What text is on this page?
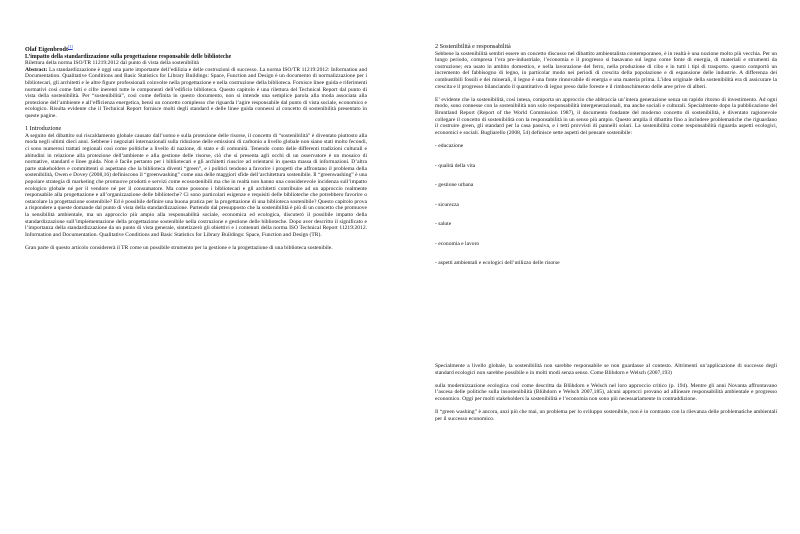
Olaf Eigenbrodt[1]

L’impatto della standardizzazione sulla progettazione responsabile delle biblioteche

Rilettura della norma ISO/TR 11219:2012 dal punto di vista della sostenibilità

Abstract: La standardizzazione è oggi una parte importante dell’edilizia e delle costruzioni di successo. La norma ISO/TR 11219:2012: Information and Documentation. Qualitative Conditions and Basic Statistics for Library Buildings: Space, Function and Design è un documento di normalizzazione per i bibliotecari, gli architetti e le altre figure professionali coinvolte nella progettazione e nella costruzione della biblioteca. Fornisce linee guida e riferimenti normativi così come fatti e cifre inerenti tutte le componenti dell’edificio biblioteca. Questo capitolo è una rilettura del Technical Report dal punto di vista della sostenibilità. Per “sostenibilità”, così come definita in questo documento, non si intende una semplice parola alla moda associata alla protezione dell’ambiente e all’efficienza energetica, bensì un concetto complesso che riguarda l’agire responsabile dal punto di vista sociale, economico e ecologico. Risulta evidente che il Technical Report fornisce molti degli standard e delle linee guida connessi al concetto di sostenibilità presentato in queste pagine.

1 Introduzione

A seguito del dibattito sul riscaldamento globale causato dall’uomo e sulla protezione delle risorse, il concetto di “sostenibilità” è diventato piuttosto alla moda negli ultimi dieci anni. Sebbene i negoziati internazionali sulla riduzione delle emissioni di carbonio a livello globale non siano stati molto fecondi, ci sono numerosi trattati regionali così come politiche a livello di nazione, di stato e di comunità. Tenendo conto delle differenti tradizioni culturali e abitudini in relazione alla protezione dell’ambiente e alla gestione delle risorse, ciò che si presenta agli occhi di un osservatore è un mosaico di normative, standard e linee guida. Non è facile pertanto per i bibliotecari e gli architetti riuscire ad orientarsi in questa massa di informazioni. D’altra parte stakeholders e committenti si aspettano che la biblioteca diventi “green”, e i politici tendono a favorire i progetti che affrontano il problema della sostenibilità, Owen e Dovey (2008,16) definiscono il “greenwashing” come una delle maggiori sfide dell’architettura sostenibile. Il “greenwashing” è una popolare strategia di marketing che promuove prodotti e servizi come ecosostenibili ma che in realtà non hanno una considerevole incidenza sull’impatto ecologico globale né per il vendore né per il consumatore. Ma come possono i bibliotecari e gli architetti contribuire ad un approccio realmente responsabile alla progettazione e all’organizzazione delle biblioteche? Ci sono particolari esigenze e requisiti delle biblioteche che potrebbero favorire o ostacolare la progettazione sostenibile? Ed è possibile definire una buona pratica per la progettazione di una biblioteca sostenibile? Questo capitolo prova a rispondere a queste domande dal punto di vista della standardizzazione. Partendo dal presupposto che la sostenibilità è più di un concetto che promuove la sensibilità ambientale, ma un approccio più ampio alla responsabilità sociale, economica ed ecologica, discuterò il possibile impatto della standardizzazione sull’implementazione della progettazione sostenibile nella costruzione e gestione delle biblioteche. Dopo aver descritto il significato e l’importanza della standardizzazione da un punto di vista generale, sintetizzerò gli obiettivi e i contenuti della norma ISO Technical Report 11219:2012. Information and Documentation. Qualitative Conditions and Basic Statistics for Library Buildings: Space, Function and Design (TR).

Gran parte di questo articolo considererà il TR come un possibile strumento per la gestione e la progettazione di una biblioteca sostenibile.

2 Sostenibilità e responsabilità

Sebbene la sostenibilità sembri essere un concetto discusso nel dibattito ambientalista contemporaneo, è in realtà è una nozione molto più vecchia. Per un lungo periodo, compresa l’era pre-industriale, l’economia e il progresso si basavano sul legno come fonte di energia, di materiali e strumenti da costruzione; era usato in ambito domestico, e nella lavorazione del ferro, nella produzione di cibo e in tutti i tipi di trasporto. questo comportò un incremento del fabbisogno di legno, in particolar modo nei periodi di crescita della popolazione e di espansione delle industrie. A differenza dei combustibili fossili e dei minerali, il legno è una fonte rinnovabile di energia e una materia prima. L’idea originale della sostenibilità era di assicurare la crescita e il progresso bilanciando il quantitativo di legno preso dalle foreste e il rimboschimento delle aree prive di alberi.

E’ evidente che la sostenibilità, così intesa, comporta un approccio che abbraccia un’intera generazione senza un rapido ritorno di investimento. Ad ogni modo, sono connesse con la sostenibilità non solo responsabilità intergenerazionali, ma anche sociali e culturali. Specialmente dopo la pubblicazione del Bruntland Report (Report of the World Commission 1987), il documento fondante del moderno concetto di sostenibilità, è diventato ragionevole collegare il concetto di sostenibilità con la responsabilità in un senso più ampio. Questo amplia il dibattito fino a includere problematiche che riguardano il costruire green, gli standard per la casa passiva, e i tetti provvisti di pannelli solari. La sostenibilità come responsabilità riguarda aspetti ecologici, economici e sociali. Bugliarello (2008, 54) definisce sette aspetti del pensare sostenibile:

- educazione

- qualità della vita

- gestione urbana

- sicurezza

- salute

- economia e lavoro

- aspetti ambientali e ecologici dell’utilizzo delle risorse

Specialmente a livello globale, la sostenibilità non sarebbe responsabile se non guardasse al contesto. Altrimenti un’applicazione di successo degli standard ecologici non sarebbe possibile e in molti modi senza senso. Come Blihdorn e Welsch (2007,193)

sulla modernizzazione ecologica così come descritta da Blühdorn e Welsch nel loro approccio critico (p. 194). Mentre gli anni Novanta affrontavano l’ascesa delle politiche sulla insostenibilità (Blühdorn e Welsch 2007,185), alcuni approcci provano ad allineare responsabilità ambientale e progresso economico. Oggi per molti stakeholders la sostenibilità e l’economia non sono più necessariamente in contraddizione.

Il “green washing” è ancora, anzi più che mai, un problema per lo sviluppo sostenibile, non è in contrasto con la rilevanza delle problematiche ambientali per il successo economico.
